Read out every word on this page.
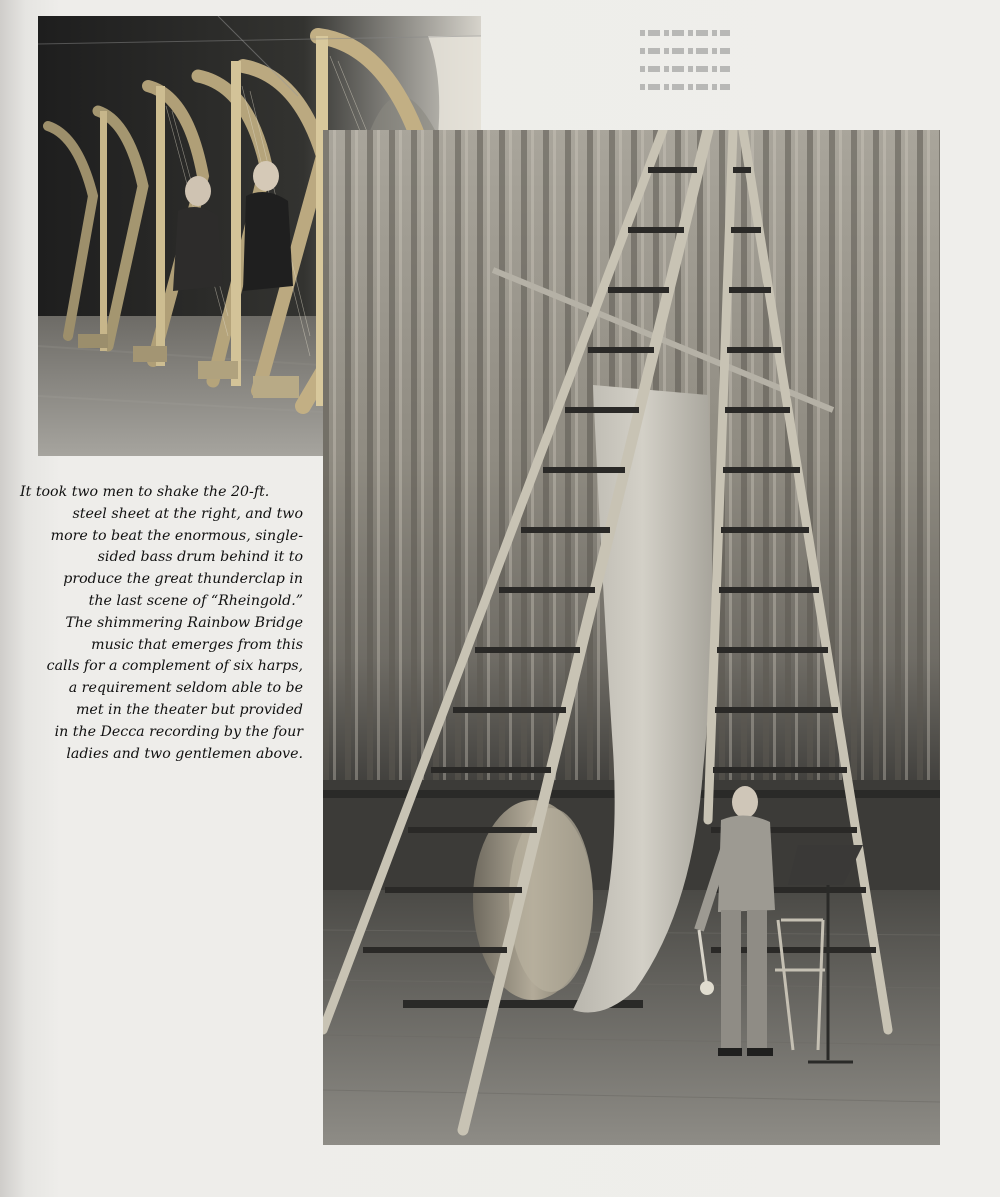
It took two men to shake the 20-ft.
steel sheet at the right, and two
more to beat the enormous, single-
sided bass drum behind it to
produce the great thunderclap in
the last scene of “Rheingold.”
The shimmering Rainbow Bridge
music that emerges from this
calls for a complement of six harps,
a requirement seldom able to be
met in the theater but provided
in the Decca recording by the four
ladies and two gentlemen above.
